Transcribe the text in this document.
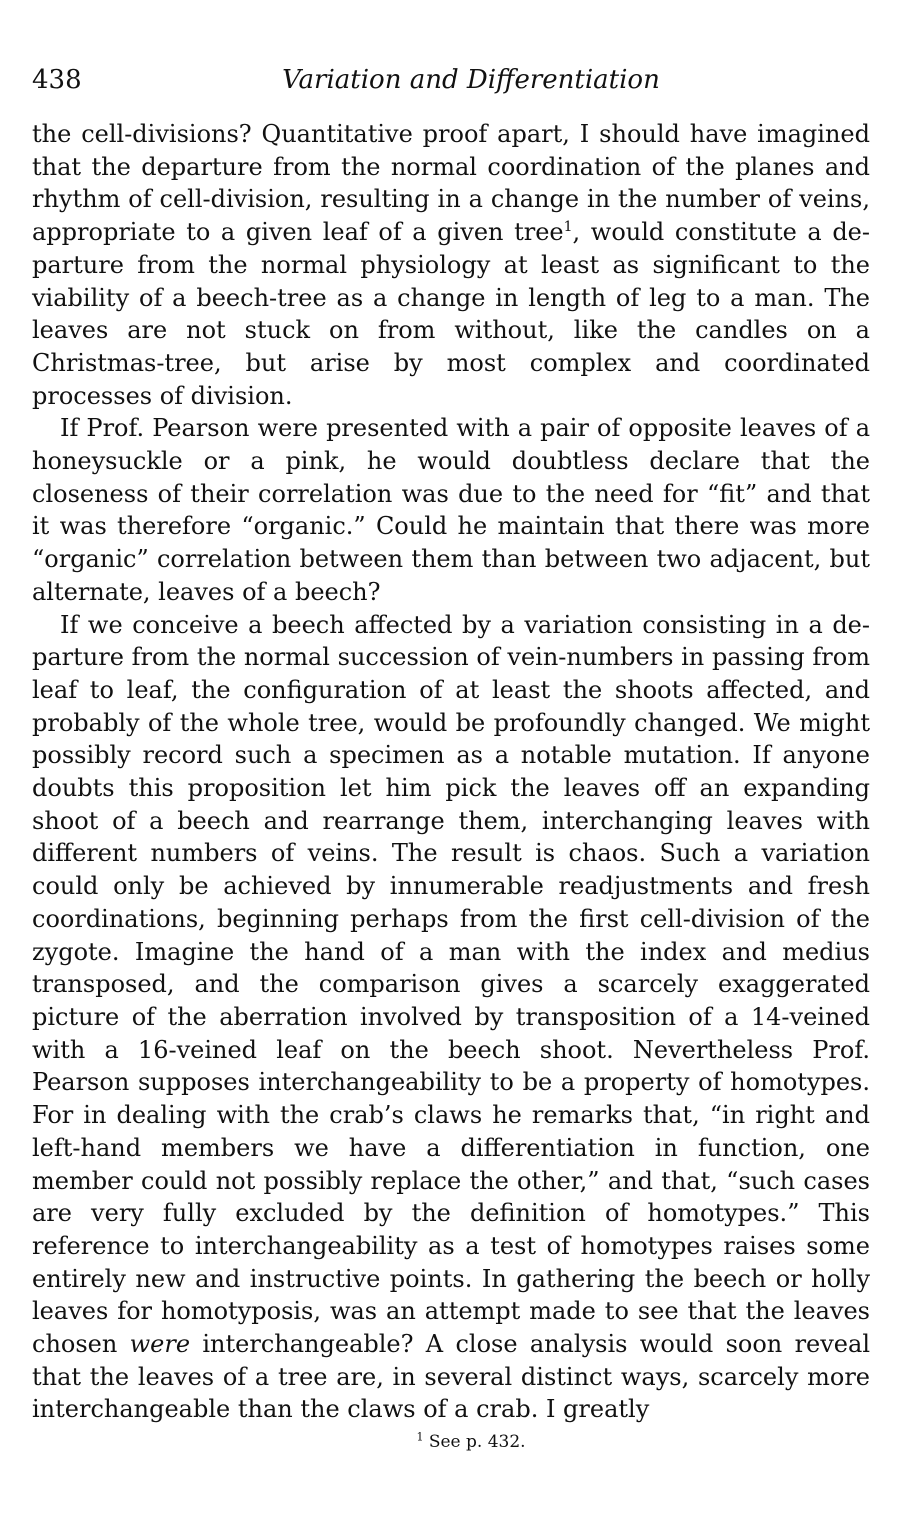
438	Variation and Differentiation

the cell-divisions? Quantitative proof apart, I should have imagined that the departure from the normal coordination of the planes and rhythm of cell-division, resulting in a change in the number of veins, appropriate to a given leaf of a given tree$^1$, would constitute a departure from the normal physiology at least as significant to the viability of a beech-tree as a change in length of leg to a man. The leaves are not stuck on from without, like the candles on a Christmas-tree, but arise by most complex and coordinated processes of division.

If Prof. Pearson were presented with a pair of opposite leaves of a honeysuckle or a pink, he would doubtless declare that the closeness of their correlation was due to the need for “fit” and that it was therefore “organic.” Could he maintain that there was more “organic” correlation between them than between two adjacent, but alternate, leaves of a beech?

If we conceive a beech affected by a variation consisting in a departure from the normal succession of vein-numbers in passing from leaf to leaf, the configuration of at least the shoots affected, and probably of the whole tree, would be profoundly changed. We might possibly record such a specimen as a notable mutation. If anyone doubts this proposition let him pick the leaves off an expanding shoot of a beech and rearrange them, interchanging leaves with different numbers of veins. The result is chaos. Such a variation could only be achieved by innumerable readjustments and fresh coordinations, beginning perhaps from the first cell-division of the zygote. Imagine the hand of a man with the index and medius transposed, and the comparison gives a scarcely exaggerated picture of the aberration involved by transposition of a 14-veined with a 16-veined leaf on the beech shoot. Nevertheless Prof. Pearson supposes interchangeability to be a property of homotypes. For in dealing with the crab’s claws he remarks that, “in right and left-hand members we have a differentiation in function, one member could not possibly replace the other,” and that, “such cases are very fully excluded by the definition of homotypes.” This reference to interchangeability as a test of homotypes raises some entirely new and instructive points. In gathering the beech or holly leaves for homotyposis, was an attempt made to see that the leaves chosen were interchangeable? A close analysis would soon reveal that the leaves of a tree are, in several distinct ways, scarcely more interchangeable than the claws of a crab. I greatly

$^1$ See p. 432.
